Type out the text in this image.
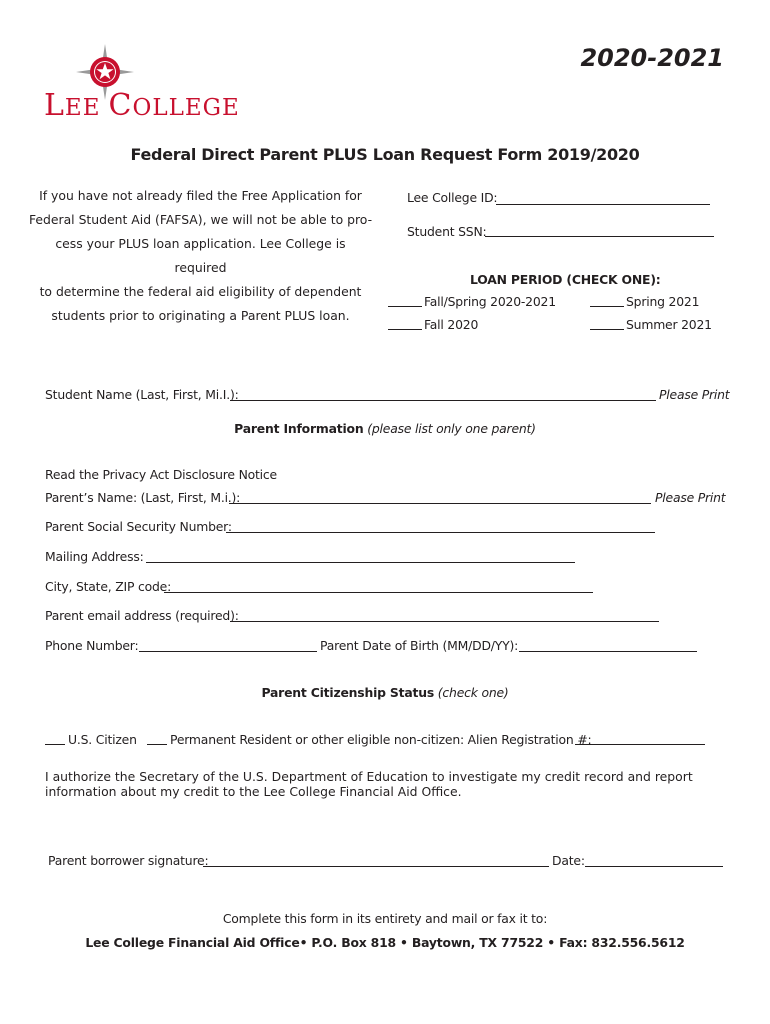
LEE COLLEGE
2020-2021
Federal Direct Parent PLUS Loan Request Form 2019/2020
If you have not already filed the Free Application for
Federal Student Aid (FAFSA), we will not be able to pro-
cess your PLUS loan application. Lee College is required
to determine the federal aid eligibility of dependent
students prior to originating a Parent PLUS loan.
Lee College ID:
Student SSN:
LOAN PERIOD (CHECK ONE):
Fall/Spring 2020-2021	Spring 2021
Fall 2020	Summer 2021
Student Name (Last, First, Mi.I.):	Please Print
Parent Information (please list only one parent)
Read the Privacy Act Disclosure Notice
Parent’s Name: (Last, First, M.i.):	Please Print
Parent Social Security Number:
Mailing Address:
City, State, ZIP code:
Parent email address (required):
Phone Number:	Parent Date of Birth (MM/DD/YY):
Parent Citizenship Status (check one)
U.S. Citizen	Permanent Resident or other eligible non-citizen: Alien Registration #:
I authorize the Secretary of the U.S. Department of Education to investigate my credit record and report information about my credit to the Lee College Financial Aid Office.
Parent borrower signature:	Date:
Complete this form in its entirety and mail or fax it to:
Lee College Financial Aid Office• P.O. Box 818 • Baytown, TX 77522 • Fax: 832.556.5612
